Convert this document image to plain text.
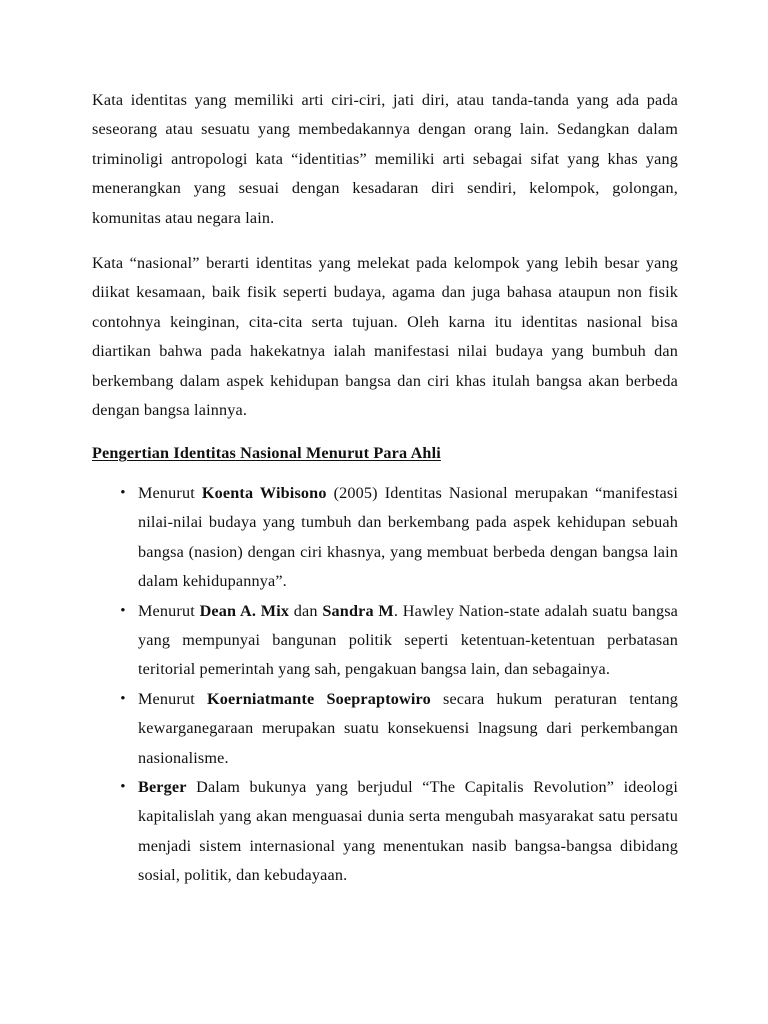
Kata identitas yang memiliki arti ciri-ciri, jati diri, atau tanda-tanda yang ada pada seseorang atau sesuatu yang membedakannya dengan orang lain. Sedangkan dalam triminoligi antropologi kata “identitias” memiliki arti sebagai sifat yang khas yang menerangkan yang sesuai dengan kesadaran diri sendiri, kelompok, golongan, komunitas atau negara lain.

Kata “nasional” berarti identitas yang melekat pada kelompok yang lebih besar yang diikat kesamaan, baik fisik seperti budaya, agama dan juga bahasa ataupun non fisik contohnya keinginan, cita-cita serta tujuan. Oleh karna itu identitas nasional bisa diartikan bahwa pada hakekatnya ialah manifestasi nilai budaya yang bumbuh dan berkembang dalam aspek kehidupan bangsa dan ciri khas itulah bangsa akan berbeda dengan bangsa lainnya.

Pengertian Identitas Nasional Menurut Para Ahli
• Menurut Koenta Wibisono (2005) Identitas Nasional merupakan “manifestasi nilai-nilai budaya yang tumbuh dan berkembang pada aspek kehidupan sebuah bangsa (nasion) dengan ciri khasnya, yang membuat berbeda dengan bangsa lain dalam kehidupannya”.
• Menurut Dean A. Mix dan Sandra M. Hawley Nation-state adalah suatu bangsa yang mempunyai bangunan politik seperti ketentuan-ketentuan perbatasan teritorial pemerintah yang sah, pengakuan bangsa lain, dan sebagainya.
• Menurut Koerniatmante Soepraptowiro secara hukum peraturan tentang kewarganegaraan merupakan suatu konsekuensi lnagsung dari perkembangan nasionalisme.
• Berger Dalam bukunya yang berjudul “The Capitalis Revolution” ideologi kapitalislah yang akan menguasai dunia serta mengubah masyarakat satu persatu menjadi sistem internasional yang menentukan nasib bangsa-bangsa dibidang sosial, politik, dan kebudayaan.
